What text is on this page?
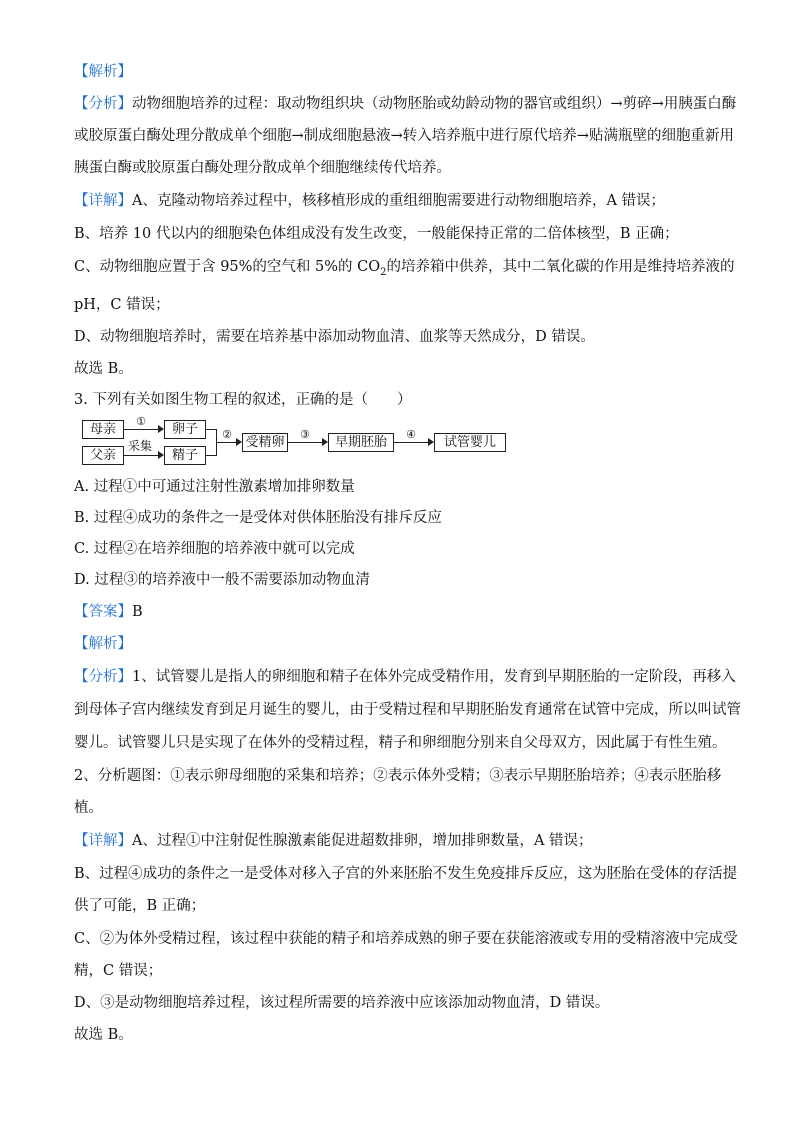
【解析】

【分析】动物细胞培养的过程：取动物组织块（动物胚胎或幼龄动物的器官或组织）→剪碎→用胰蛋白酶

或胶原蛋白酶处理分散成单个细胞→制成细胞悬液→转入培养瓶中进行原代培养→贴满瓶壁的细胞重新用

胰蛋白酶或胶原蛋白酶处理分散成单个细胞继续传代培养。

【详解】A、克隆动物培养过程中，核移植形成的重组细胞需要进行动物细胞培养，A 错误；

B、培养 10 代以内的细胞染色体组成没有发生改变，一般能保持正常的二倍体核型，B 正确；

C、动物细胞应置于含 95%的空气和 5%的 $CO_2$的培养箱中供养，其中二氧化碳的作用是维持培养液的

pH，C 错误；

D、动物细胞培养时，需要在培养基中添加动物血清、血浆等天然成分，D 错误。

故选 B。

3. 下列有关如图生物工程的叙述，正确的是（　　）

母亲	卵子
父亲	精子
受精卵	早期胚胎	试管婴儿
①
采集
②	③	④

A. 过程①中可通过注射性激素增加排卵数量

B. 过程④成功的条件之一是受体对供体胚胎没有排斥反应

C. 过程②在培养细胞的培养液中就可以完成

D. 过程③的培养液中一般不需要添加动物血清

【答案】B

【解析】

【分析】1、试管婴儿是指人的卵细胞和精子在体外完成受精作用，发育到早期胚胎的一定阶段，再移入

到母体子宫内继续发育到足月诞生的婴儿，由于受精过程和早期胚胎发育通常在试管中完成，所以叫试管

婴儿。试管婴儿只是实现了在体外的受精过程，精子和卵细胞分别来自父母双方，因此属于有性生殖。

2、分析题图：①表示卵母细胞的采集和培养；②表示体外受精；③表示早期胚胎培养；④表示胚胎移

植。

【详解】A、过程①中注射促性腺激素能促进超数排卵，增加排卵数量，A 错误；

B、过程④成功的条件之一是受体对移入子宫的外来胚胎不发生免疫排斥反应，这为胚胎在受体的存活提

供了可能，B 正确；

C、②为体外受精过程，该过程中获能的精子和培养成熟的卵子要在获能溶液或专用的受精溶液中完成受

精，C 错误；

D、③是动物细胞培养过程，该过程所需要的培养液中应该添加动物血清，D 错误。

故选 B。
